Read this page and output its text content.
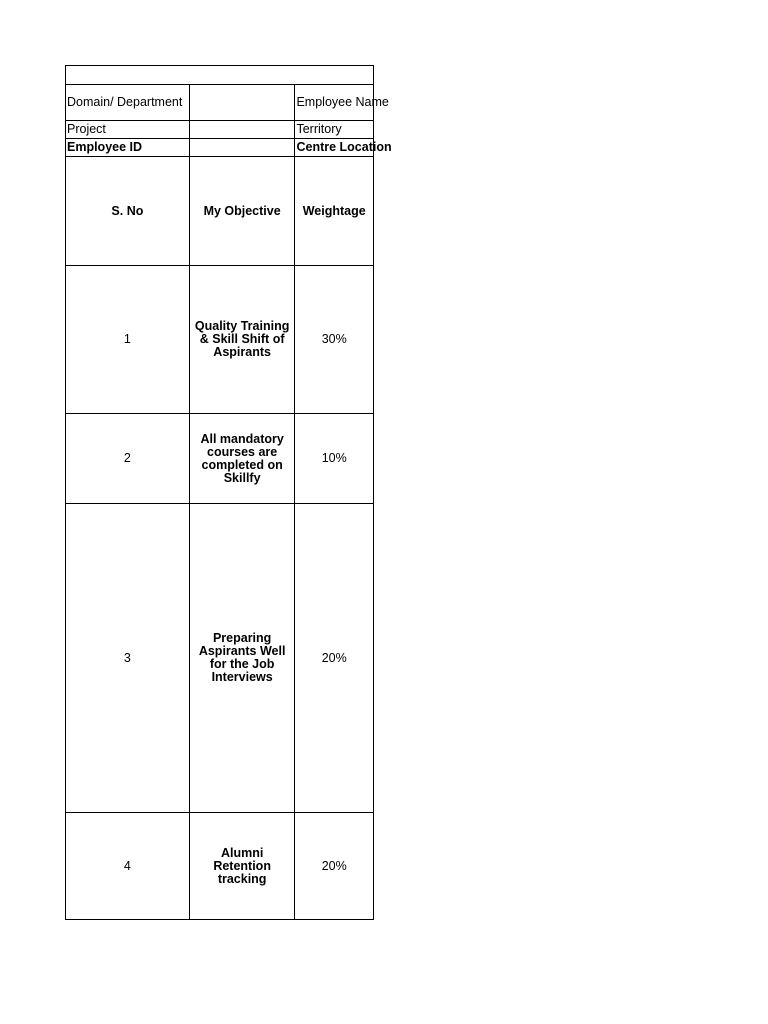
Domain/ Department		Employee Name
Project		Territory
Employee ID		Centre Location
S. No	My Objective	Weightage
1	Quality Training & Skill Shift of Aspirants	30%
2	All mandatory courses are completed on Skillfy	10%
3	Preparing Aspirants Well for the Job Interviews	20%
4	Alumni Retention tracking	20%
